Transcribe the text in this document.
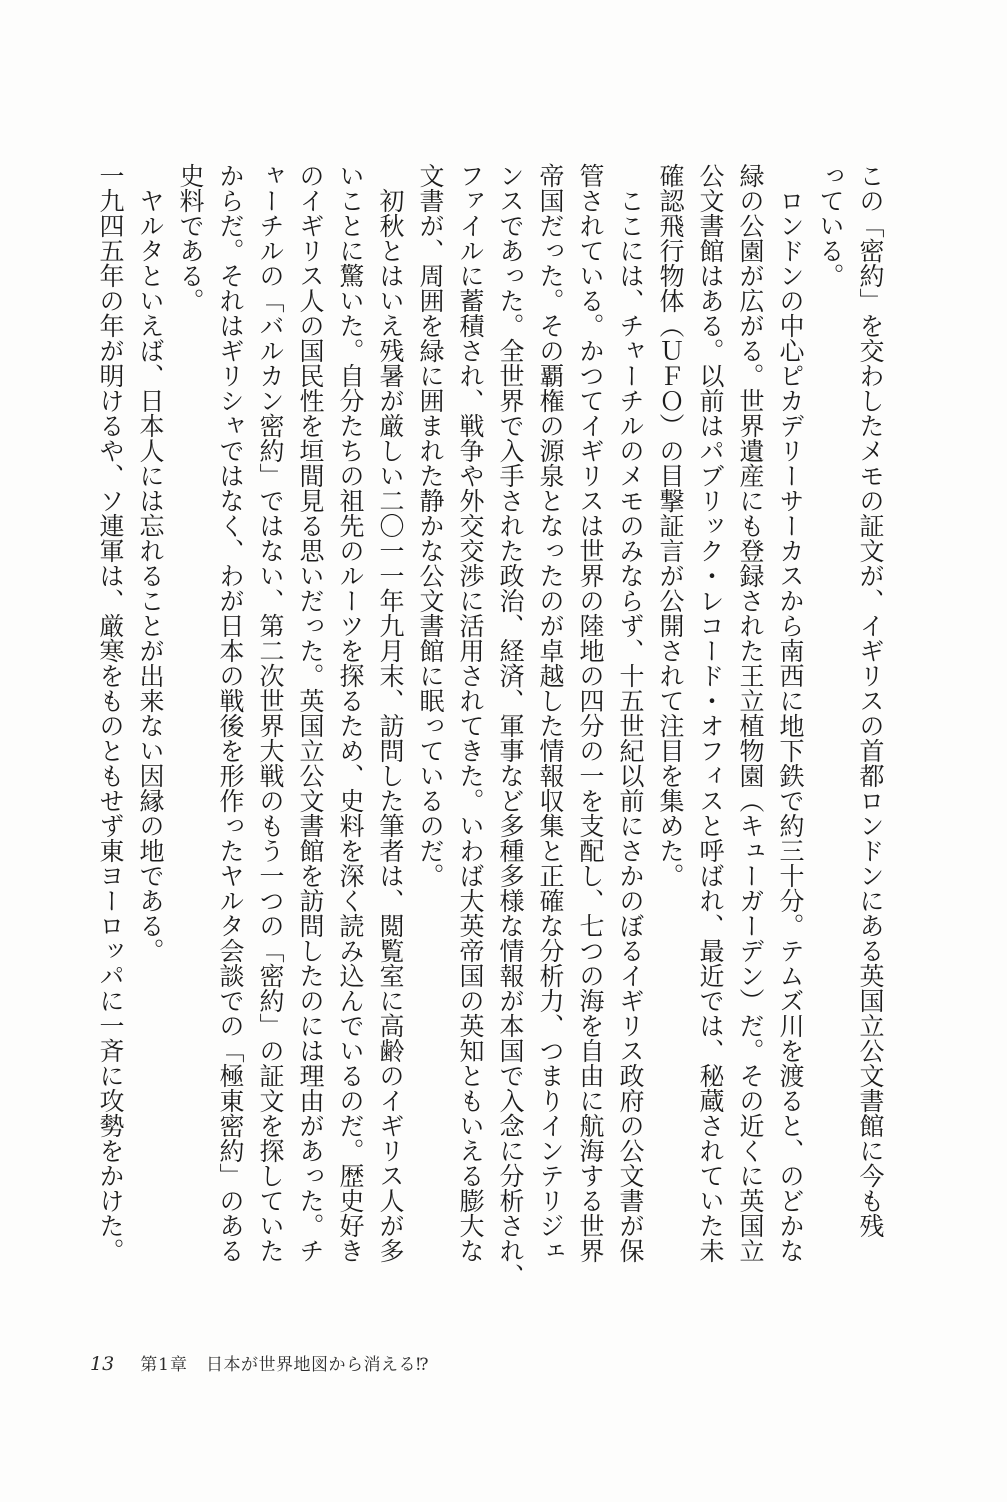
この「密約」を交わしたメモの証文が、イギリスの首都ロンドンにある英国立公文書館に今も残
っている。
　ロンドンの中心ピカデリーサーカスから南西に地下鉄で約三十分。テムズ川を渡ると、のどかな
緑の公園が広がる。世界遺産にも登録された王立植物園（キューガーデン）だ。その近くに英国立
公文書館はある。以前はパブリック・レコード・オフィスと呼ばれ、最近では、秘蔵されていた未
確認飛行物体（ＵＦＯ）の目撃証言が公開されて注目を集めた。
　ここには、チャーチルのメモのみならず、十五世紀以前にさかのぼるイギリス政府の公文書が保
管されている。かつてイギリスは世界の陸地の四分の一を支配し、七つの海を自由に航海する世界
帝国だった。その覇権の源泉となったのが卓越した情報収集と正確な分析力、つまりインテリジェ
ンスであった。全世界で入手された政治、経済、軍事など多種多様な情報が本国で入念に分析され、
ファイルに蓄積され、戦争や外交交渉に活用されてきた。いわば大英帝国の英知ともいえる膨大な
文書が、周囲を緑に囲まれた静かな公文書館に眠っているのだ。
　初秋とはいえ残暑が厳しい二〇一一年九月末、訪問した筆者は、閲覧室に高齢のイギリス人が多
いことに驚いた。自分たちの祖先のルーツを探るため、史料を深く読み込んでいるのだ。歴史好き
のイギリス人の国民性を垣間見る思いだった。英国立公文書館を訪問したのには理由があった。チ
ャーチルの「バルカン密約」ではない、第二次世界大戦のもう一つの「密約」の証文を探していた
からだ。それはギリシャではなく、わが日本の戦後を形作ったヤルタ会談での「極東密約」のある
史料である。
　ヤルタといえば、日本人には忘れることが出来ない因縁の地である。
一九四五年の年が明けるや、ソ連軍は、厳寒をものともせず東ヨーロッパに一斉に攻勢をかけた。
13 第1章 日本が世界地図から消える⁉
